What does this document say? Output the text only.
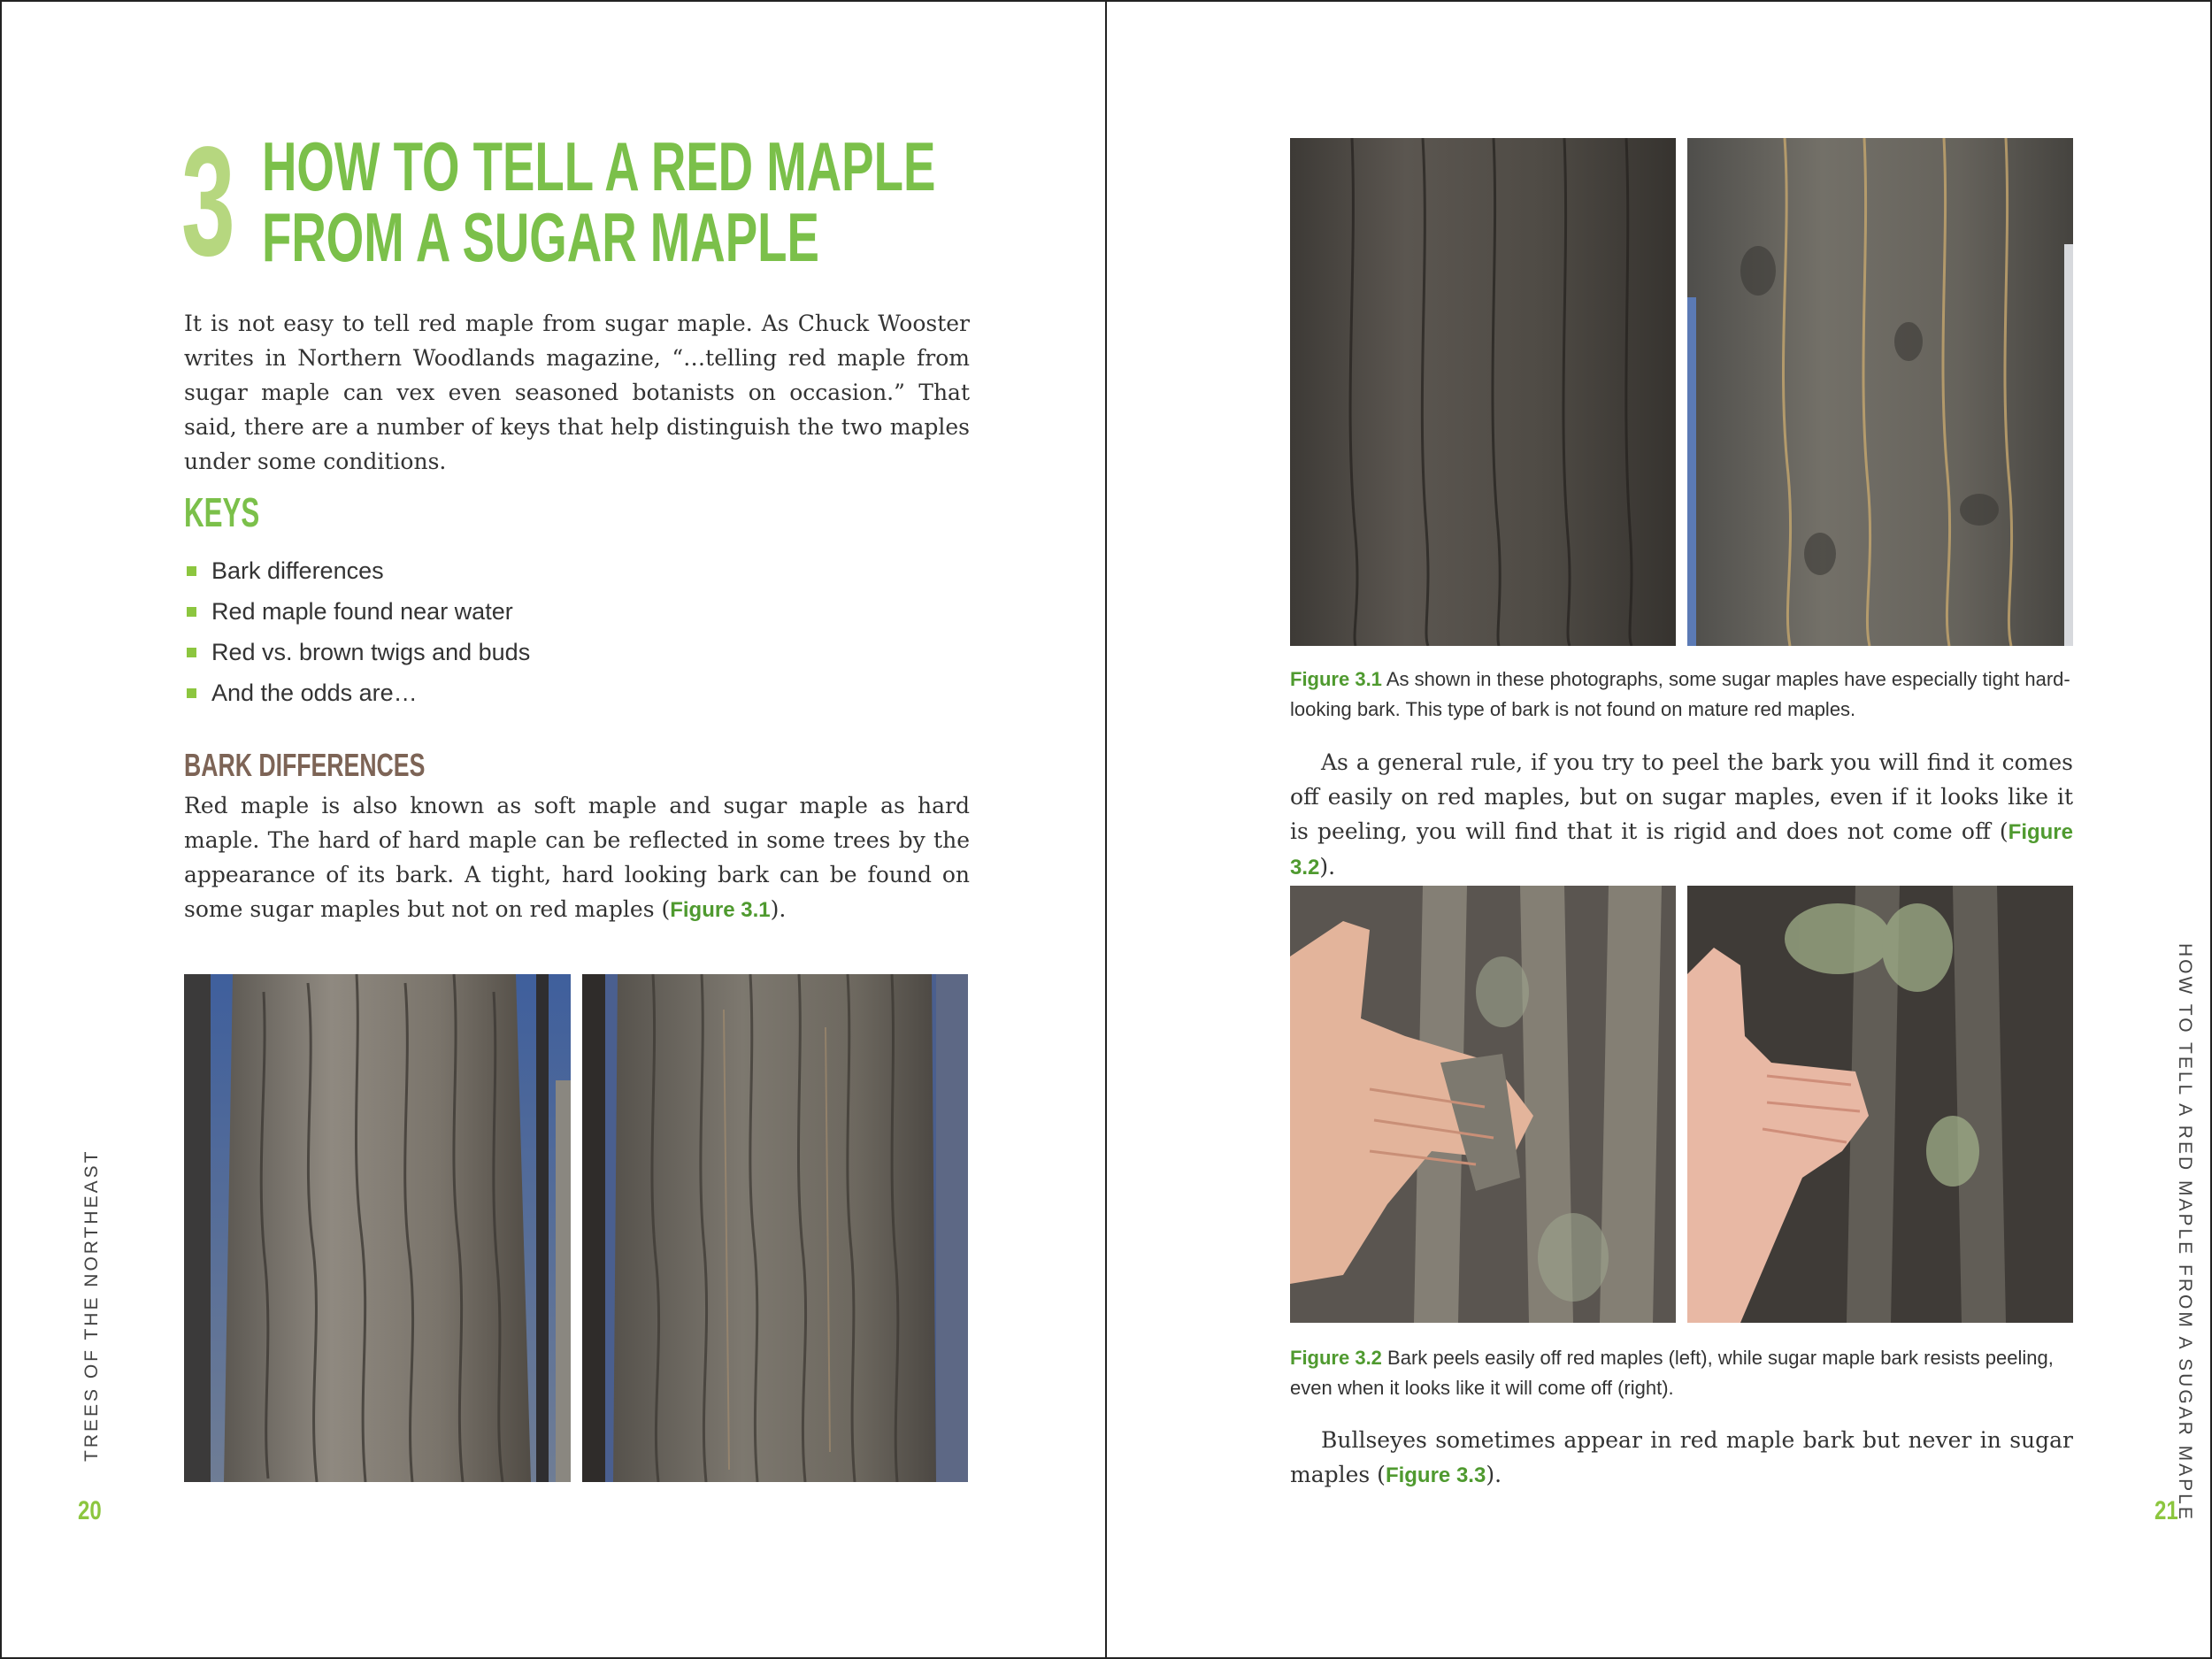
3 HOW TO TELL A RED MAPLE
FROM A SUGAR MAPLE

It is not easy to tell red maple from sugar maple. As Chuck Wooster writes in Northern Woodlands magazine, “…telling red maple from sugar maple can vex even seasoned botanists on occasion.” That said, there are a number of keys that help distinguish the two maples under some conditions.

KEYS
Bark differences
Red maple found near water
Red vs. brown twigs and buds
And the odds are…
BARK DIFFERENCES

Red maple is also known as soft maple and sugar maple as hard maple. The hard of hard maple can be reflected in some trees by the appearance of its bark. A tight, hard looking bark can be found on some sugar maples but not on red maples (Figure 3.1).

TREES OF THE NORTHEAST
20
Figure 3.1 As shown in these photographs, some sugar maples have especially tight hard-looking bark. This type of bark is not found on mature red maples.

As a general rule, if you try to peel the bark you will find it comes off easily on red maples, but on sugar maples, even if it looks like it is peeling, you will find that it is rigid and does not come off (Figure 3.2).

Figure 3.2 Bark peels easily off red maples (left), while sugar maple bark resists peeling, even when it looks like it will come off (right).

Bullseyes sometimes appear in red maple bark but never in sugar maples (Figure 3.3).	HOW TO TELL A RED MAPLE FROM A SUGAR MAPLE
21
